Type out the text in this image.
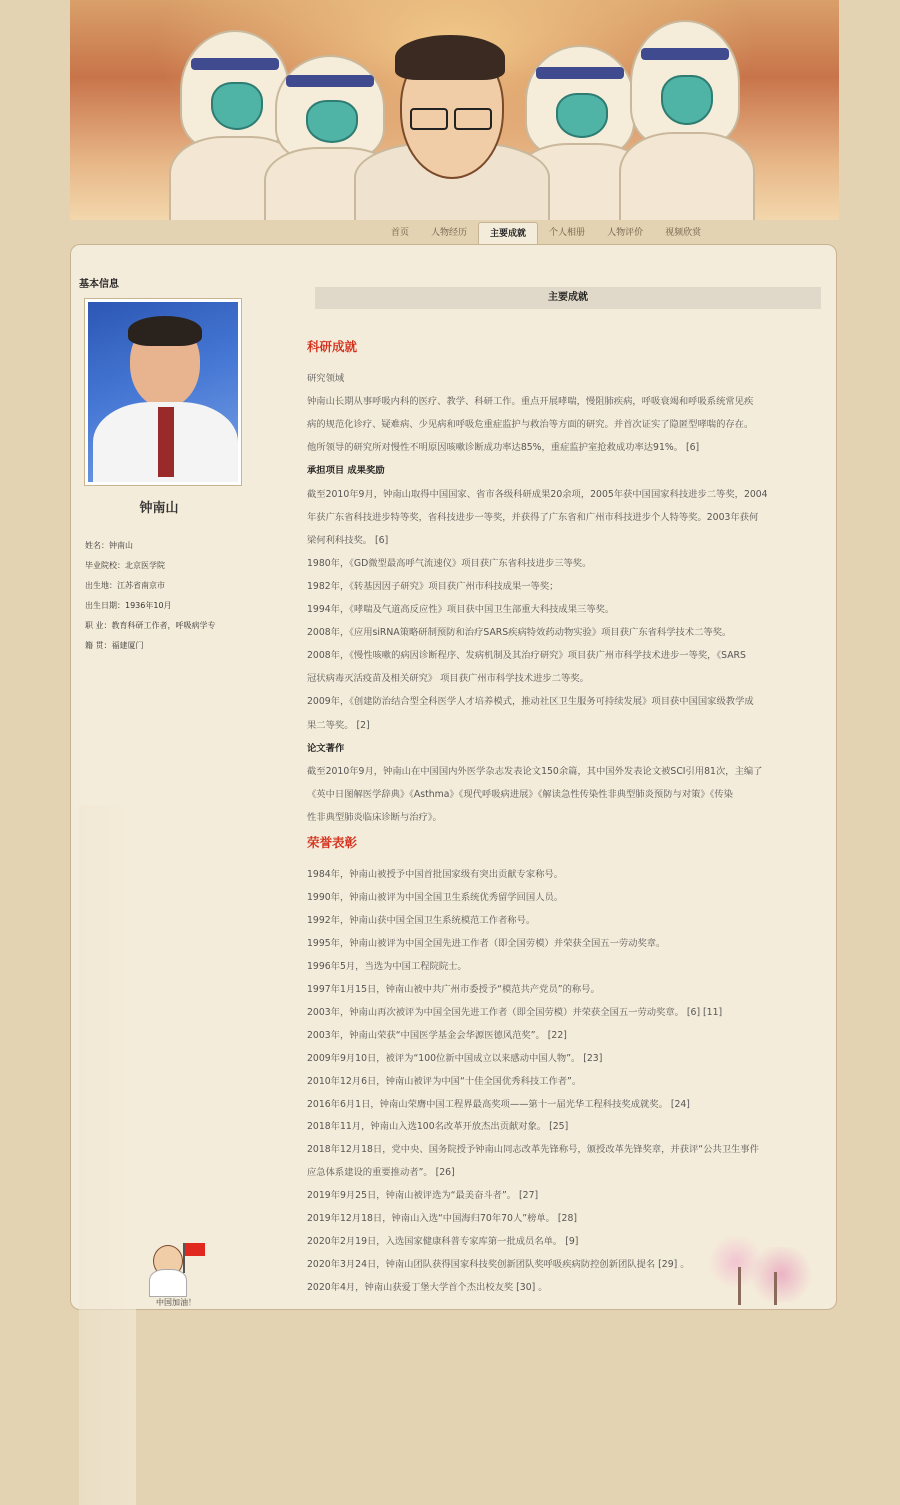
首页	人物经历	主要成就	个人相册	人物评价	视频欣赏
基本信息
钟南山
姓名：钟南山
毕业院校：北京医学院
出生地：江苏省南京市
出生日期：1936年10月
职 业：教育科研工作者，呼吸病学专
籍 贯：福建厦门
中国加油！
主要成就
科研成就
研究领域
钟南山长期从事呼吸内科的医疗、教学、科研工作。重点开展哮喘，慢阻肺疾病，呼吸衰竭和呼吸系统常见疾
病的规范化诊疗、疑难病、少见病和呼吸危重症监护与救治等方面的研究。并首次证实了隐匿型哮喘的存在。
他所领导的研究所对慢性不明原因咳嗽诊断成功率达85%，重症监护室抢救成功率达91%。 [6]
承担项目 成果奖励
截至2010年9月，钟南山取得中国国家、省市各级科研成果20余项，2005年获中国国家科技进步二等奖，2004
年获广东省科技进步特等奖，省科技进步一等奖，并获得了广东省和广州市科技进步个人特等奖。2003年获何
梁何利科技奖。 [6]
1980年，《GD微型最高呼气流速仪》项目获广东省科技进步三等奖。
1982年，《转基因因子研究》项目获广州市科技成果一等奖；
1994年，《哮喘及气道高反应性》项目获中国卫生部重大科技成果三等奖。
2008年，《应用siRNA策略研制预防和治疗SARS疾病特效药动物实验》项目获广东省科学技术二等奖。
2008年，《慢性咳嗽的病因诊断程序、发病机制及其治疗研究》项目获广州市科学技术进步一等奖，《SARS
冠状病毒灭活疫苗及相关研究》 项目获广州市科学技术进步二等奖。
2009年，《创建防治结合型全科医学人才培养模式，推动社区卫生服务可持续发展》项目获中国国家级教学成
果二等奖。 [2]
论文著作
截至2010年9月，钟南山在中国国内外医学杂志发表论文150余篇，其中国外发表论文被SCI引用81次，主编了
《英中日图解医学辞典》《Asthma》《现代呼吸病进展》《解读急性传染性非典型肺炎预防与对策》《传染
性非典型肺炎临床诊断与治疗》。
荣誉表彰
1984年，钟南山被授予中国首批国家级有突出贡献专家称号。
1990年，钟南山被评为中国全国卫生系统优秀留学回国人员。
1992年，钟南山获中国全国卫生系统模范工作者称号。
1995年，钟南山被评为中国全国先进工作者（即全国劳模）并荣获全国五一劳动奖章。
1996年5月，当选为中国工程院院士。
1997年1月15日，钟南山被中共广州市委授予“模范共产党员”的称号。
2003年，钟南山再次被评为中国全国先进工作者（即全国劳模）并荣获全国五一劳动奖章。 [6] [11]
2003年，钟南山荣获“中国医学基金会华源医德风范奖”。 [22]
2009年9月10日，被评为“100位新中国成立以来感动中国人物”。 [23]
2010年12月6日，钟南山被评为中国“十佳全国优秀科技工作者”。
2016年6月1日，钟南山荣膺中国工程界最高奖项——第十一届光华工程科技奖成就奖。 [24]
2018年11月，钟南山入选100名改革开放杰出贡献对象。 [25]
2018年12月18日，党中央、国务院授予钟南山同志改革先锋称号，颁授改革先锋奖章，并获评“公共卫生事件
应急体系建设的重要推动者”。 [26]
2019年9月25日，钟南山被评选为“最美奋斗者”。 [27]
2019年12月18日，钟南山入选“中国海归70年70人”榜单。 [28]
2020年2月19日，入选国家健康科普专家库第一批成员名单。 [9]
2020年3月24日，钟南山团队获得国家科技奖创新团队奖呼吸疾病防控创新团队提名 [29] 。
2020年4月，钟南山获爱丁堡大学首个杰出校友奖 [30] 。
